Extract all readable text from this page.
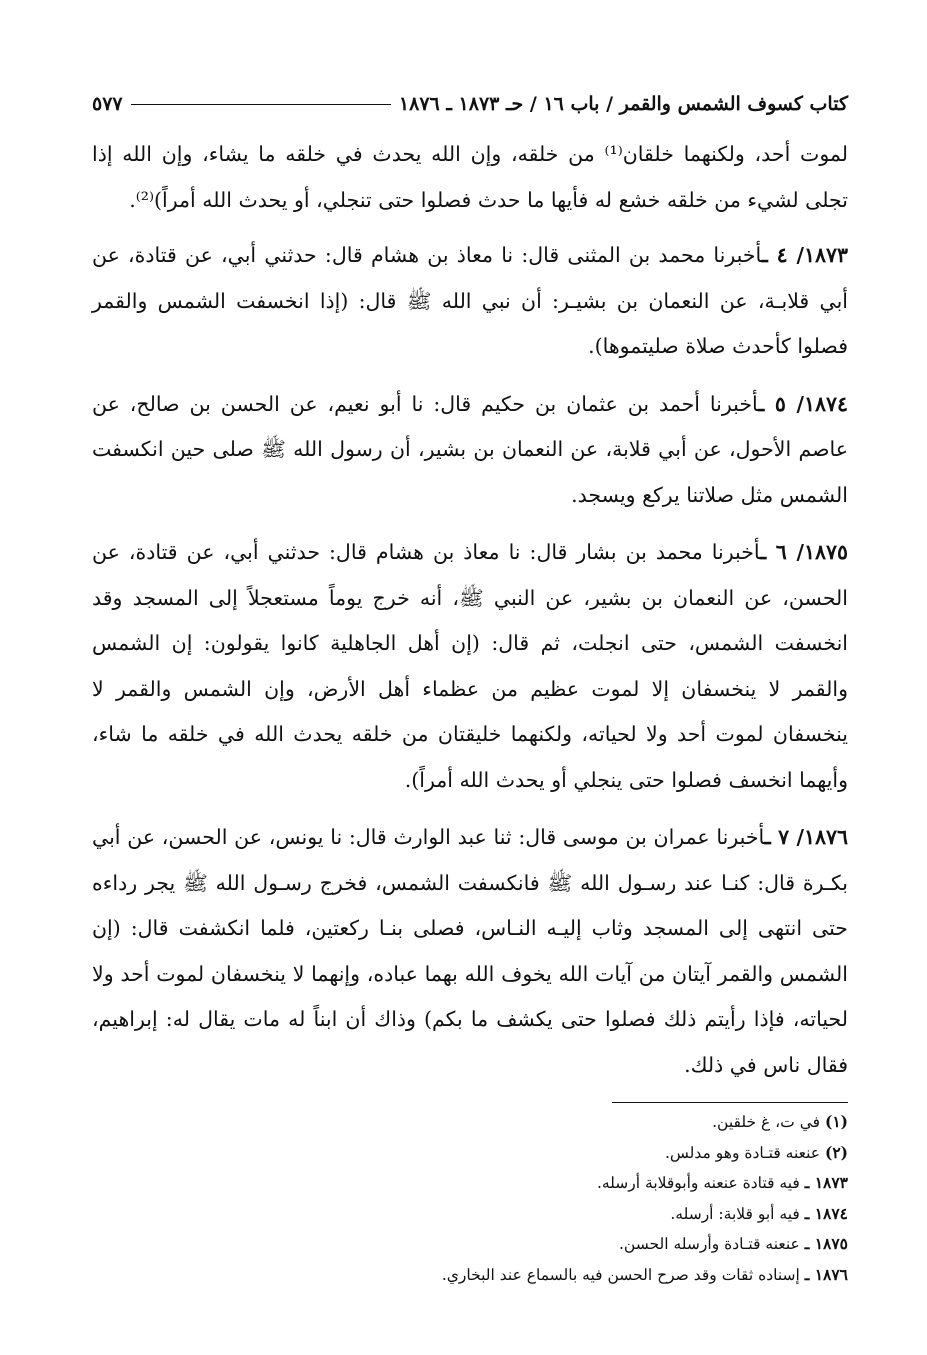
كتاب كسوف الشمس والقمر / باب ١٦ / حـ ١٨٧٣ ـ ١٨٧٦
٥٧٧

لموت أحد، ولكنهما خلقان⁽¹⁾ من خلقه، وإن الله يحدث في خلقه ما يشاء، وإن الله إذا تجلى لشيء من خلقه خشع له فأيها ما حدث فصلوا حتى تنجلي، أو يحدث الله أمراً)⁽²⁾.

١٨٧٣/ ٤ ـأخبرنا محمد بن المثنى قال: نا معاذ بن هشام قال: حدثني أبي، عن قتادة، عن أبي قلابـة، عن النعمان بن بشيـر: أن نبي الله ﷺ قال: (إذا انخسفت الشمس والقمر فصلوا كأحدث صلاة صليتموها).

١٨٧٤/ ٥ ـأخبرنا أحمد بن عثمان بن حكيم قال: نا أبو نعيم، عن الحسن بن صالح، عن عاصم الأحول، عن أبي قلابة، عن النعمان بن بشير، أن رسول الله ﷺ صلى حين انكسفت الشمس مثل صلاتنا يركع ويسجد.

١٨٧٥/ ٦ ـأخبرنا محمد بن بشار قال: نا معاذ بن هشام قال: حدثني أبي، عن قتادة، عن الحسن، عن النعمان بن بشير، عن النبي ﷺ، أنه خرج يوماً مستعجلاً إلى المسجد وقد انخسفت الشمس، حتى انجلت، ثم قال: (إن أهل الجاهلية كانوا يقولون: إن الشمس والقمر لا ينخسفان إلا لموت عظيم من عظماء أهل الأرض، وإن الشمس والقمر لا ينخسفان لموت أحد ولا لحياته، ولكنهما خليقتان من خلقه يحدث الله في خلقه ما شاء، وأيهما انخسف فصلوا حتى ينجلي أو يحدث الله أمراً).

١٨٧٦/ ٧ ـأخبرنا عمران بن موسى قال: ثنا عبد الوارث قال: نا يونس، عن الحسن، عن أبي بكـرة قال: كنـا عند رسـول الله ﷺ فانكسفت الشمس، فخرج رسـول الله ﷺ يجر رداءه حتى انتهى إلى المسجد وثاب إليـه النـاس، فصلى بنـا ركعتين، فلما انكشفت قال: (إن الشمس والقمر آيتان من آيات الله يخوف الله بهما عباده، وإنهما لا ينخسفان لموت أحد ولا لحياته، فإذا رأيتم ذلك فصلوا حتى يكشف ما بكم) وذاك أن ابناً له مات يقال له: إبراهيم، فقال ناس في ذلك.

(١) في ت، غ خلقين.
(٢) عنعنه قتـادة وهو مدلس.
١٨٧٣ ـ فيه قتادة عنعنه وأبوقلابة أرسله.
١٨٧٤ ـ فيه أبو قلابة: أرسله.
١٨٧٥ ـ عنعنه قتـادة وأرسله الحسن.
١٨٧٦ ـ إسناده ثقات وقد صرح الحسن فيه بالسماع عند البخاري.
